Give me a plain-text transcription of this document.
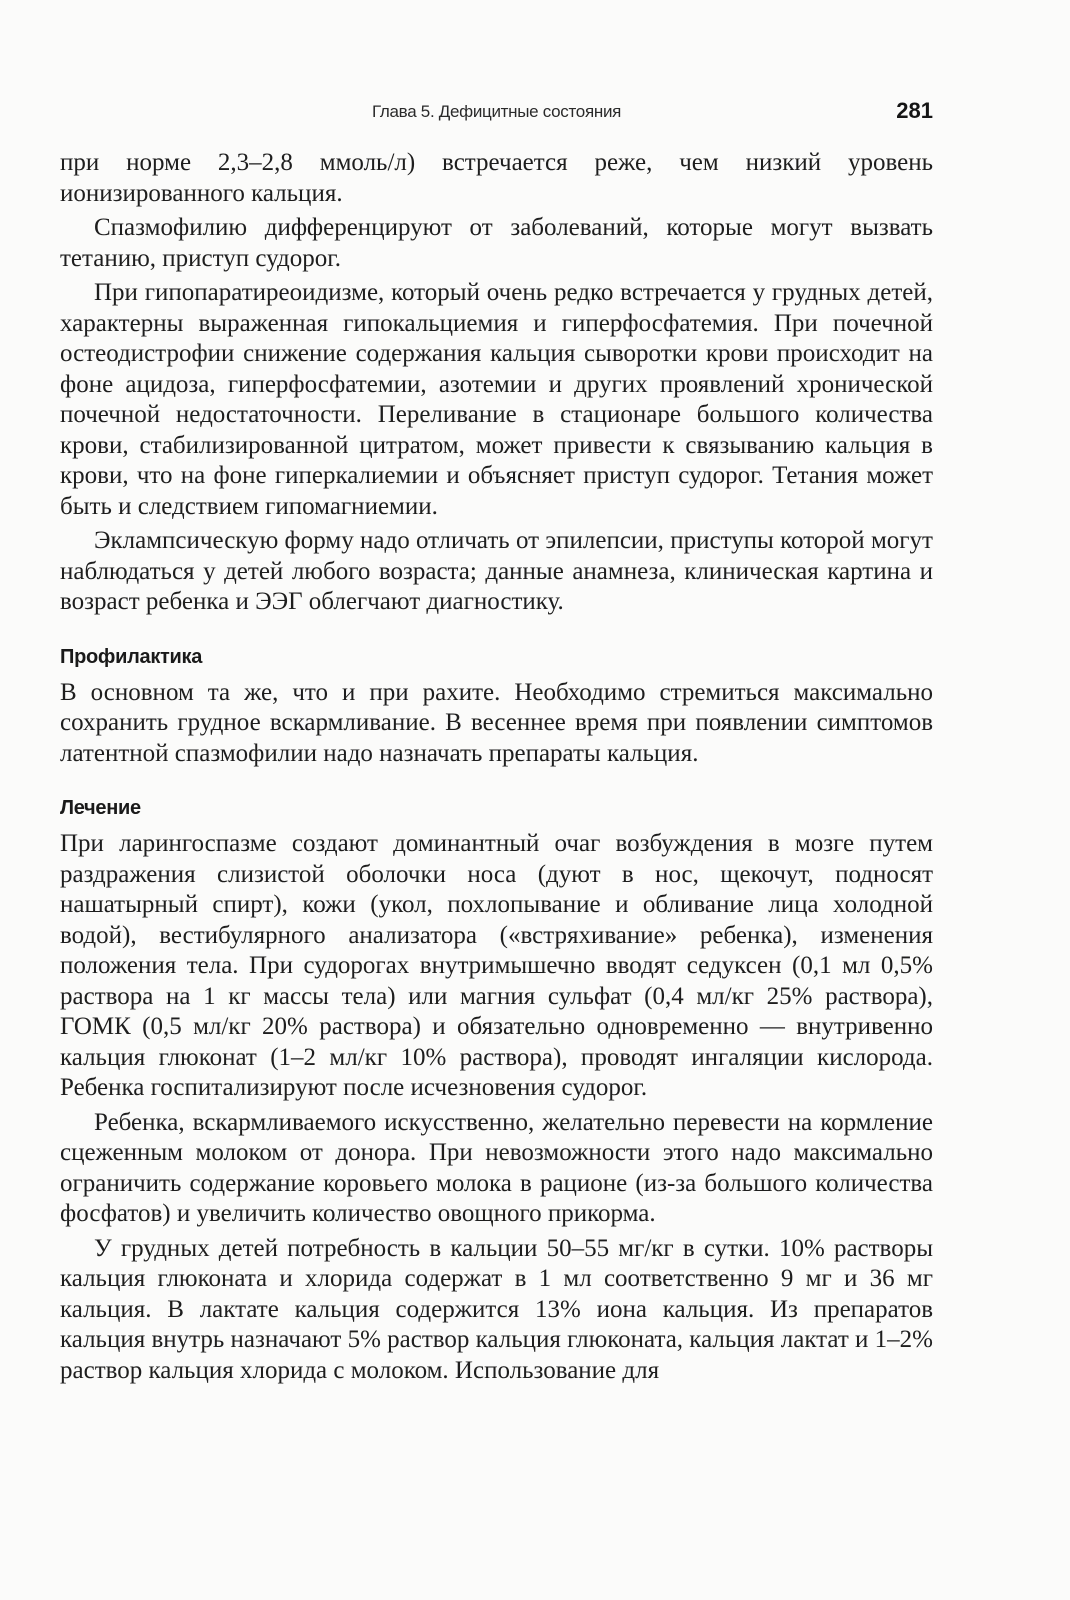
Глава 5. Дефицитные состояния	281

при норме 2,3–2,8 ммоль/л) встречается реже, чем низкий уровень ионизированного кальция.

Спазмофилию дифференцируют от заболеваний, которые могут вызвать тетанию, приступ судорог.

При гипопаратиреоидизме, который очень редко встречается у грудных детей, характерны выраженная гипокальциемия и гиперфосфатемия. При почечной остеодистрофии снижение содержания кальция сыворотки крови происходит на фоне ацидоза, гиперфосфатемии, азотемии и других проявлений хронической почечной недостаточности. Переливание в стационаре большого количества крови, стабилизированной цитратом, может привести к связыванию кальция в крови, что на фоне гиперкалиемии и объясняет приступ судорог. Тетания может быть и следствием гипомагниемии.

Эклампсическую форму надо отличать от эпилепсии, приступы которой могут наблюдаться у детей любого возраста; данные анамнеза, клиническая картина и возраст ребенка и ЭЭГ облегчают диагностику.

Профилактика

В основном та же, что и при рахите. Необходимо стремиться максимально сохранить грудное вскармливание. В весеннее время при появлении симптомов латентной спазмофилии надо назначать препараты кальция.

Лечение

При ларингоспазме создают доминантный очаг возбуждения в мозге путем раздражения слизистой оболочки носа (дуют в нос, щекочут, подносят нашатырный спирт), кожи (укол, похлопывание и обливание лица холодной водой), вестибулярного анализатора («встряхивание» ребенка), изменения положения тела. При судорогах внутримышечно вводят седуксен (0,1 мл 0,5% раствора на 1 кг массы тела) или магния сульфат (0,4 мл/кг 25% раствора), ГОМК (0,5 мл/кг 20% раствора) и обязательно одновременно — внутривенно кальция глюконат (1–2 мл/кг 10% раствора), проводят ингаляции кислорода. Ребенка госпитализируют после исчезновения судорог.

Ребенка, вскармливаемого искусственно, желательно перевести на кормление сцеженным молоком от донора. При невозможности этого надо максимально ограничить содержание коровьего молока в рационе (из-за большого количества фосфатов) и увеличить количество овощного прикорма.

У грудных детей потребность в кальции 50–55 мг/кг в сутки. 10% растворы кальция глюконата и хлорида содержат в 1 мл соответственно 9 мг и 36 мг кальция. В лактате кальция содержится 13% иона кальция. Из препаратов кальция внутрь назначают 5% раствор кальция глюконата, кальция лактат и 1–2% раствор кальция хлорида с молоком. Использование для
